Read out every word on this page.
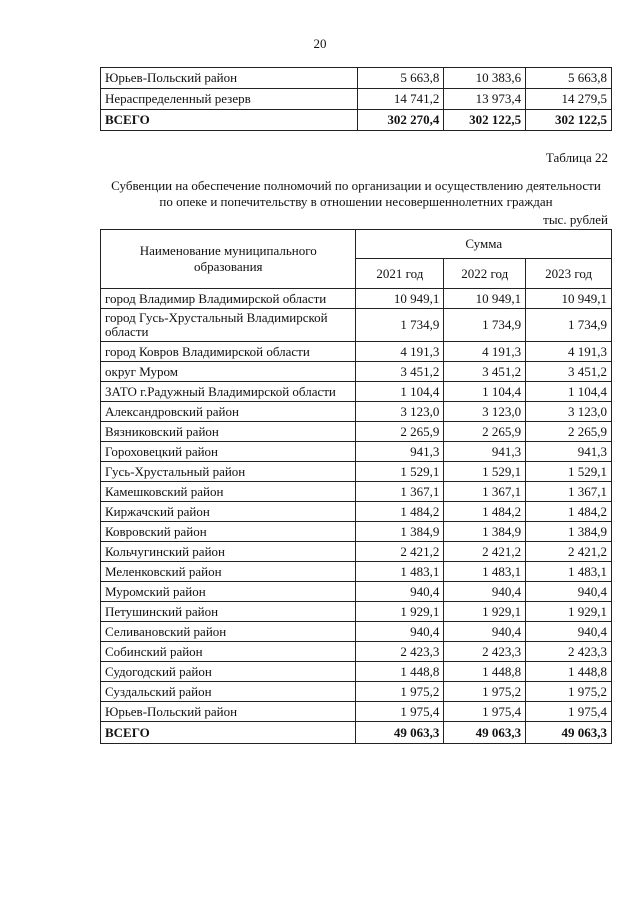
20
Юрьев-Польский район	5 663,8	10 383,6	5 663,8
Нераспределенный резерв	14 741,2	13 973,4	14 279,5
ВСЕГО	302 270,4	302 122,5	302 122,5
Таблица 22
Субвенции на обеспечение полномочий по организации и осуществлению деятельности
по опеке и попечительству в отношении несовершеннолетних граждан
тыс. рублей
Наименование муниципального образования	Сумма		
	2021 год	2022 год	2023 год
город Владимир Владимирской области	10 949,1	10 949,1	10 949,1
город Гусь-Хрустальный Владимирской области	1 734,9	1 734,9	1 734,9
город Ковров Владимирской области	4 191,3	4 191,3	4 191,3
округ Муром	3 451,2	3 451,2	3 451,2
ЗАТО г.Радужный Владимирской области	1 104,4	1 104,4	1 104,4
Александровский район	3 123,0	3 123,0	3 123,0
Вязниковский район	2 265,9	2 265,9	2 265,9
Гороховецкий район	941,3	941,3	941,3
Гусь-Хрустальный район	1 529,1	1 529,1	1 529,1
Камешковский район	1 367,1	1 367,1	1 367,1
Киржачский район	1 484,2	1 484,2	1 484,2
Ковровский район	1 384,9	1 384,9	1 384,9
Кольчугинский район	2 421,2	2 421,2	2 421,2
Меленковский район	1 483,1	1 483,1	1 483,1
Муромский район	940,4	940,4	940,4
Петушинский район	1 929,1	1 929,1	1 929,1
Селивановский район	940,4	940,4	940,4
Собинский район	2 423,3	2 423,3	2 423,3
Судогодский район	1 448,8	1 448,8	1 448,8
Суздальский район	1 975,2	1 975,2	1 975,2
Юрьев-Польский район	1 975,4	1 975,4	1 975,4
ВСЕГО	49 063,3	49 063,3	49 063,3
